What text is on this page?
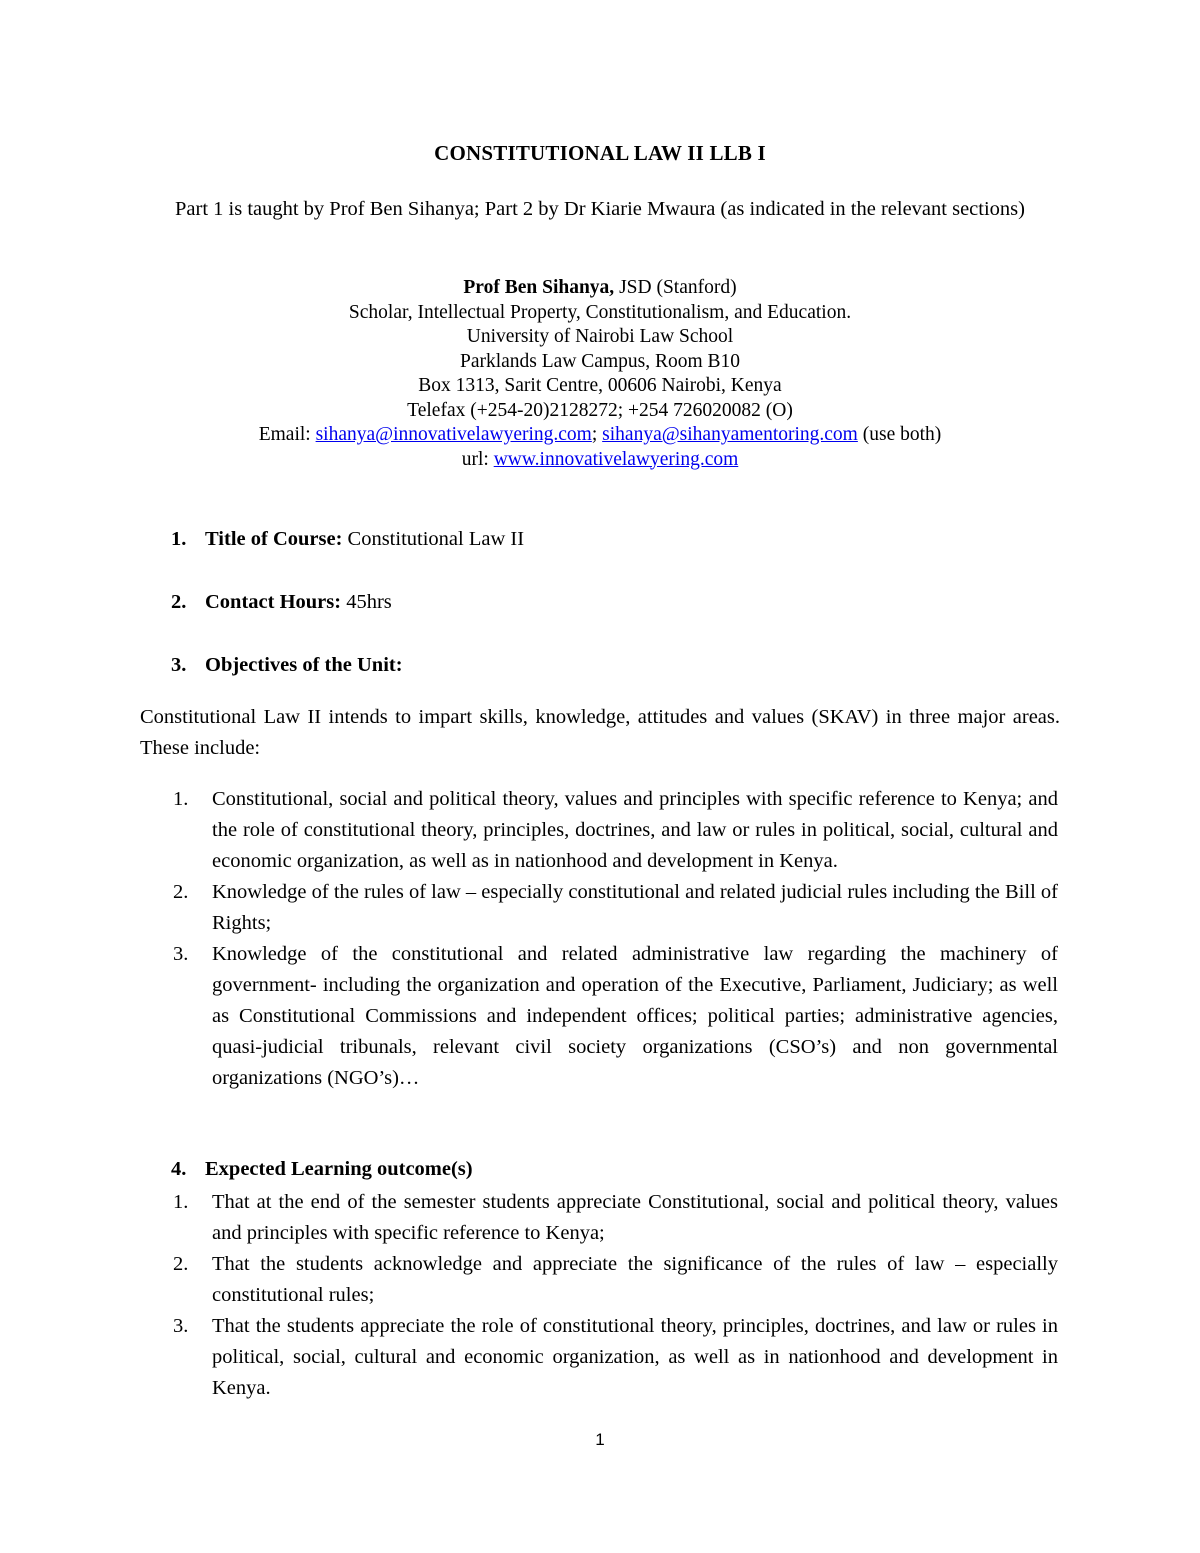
CONSTITUTIONAL LAW II LLB I
Part 1 is taught by Prof Ben Sihanya; Part 2 by Dr Kiarie Mwaura (as indicated in the relevant sections)
Prof Ben Sihanya, JSD (Stanford)
Scholar, Intellectual Property, Constitutionalism, and Education.
University of Nairobi Law School
Parklands Law Campus, Room B10
Box 1313, Sarit Centre, 00606 Nairobi, Kenya
Telefax (+254-20)2128272; +254 726020082 (O)
Email: sihanya@innovativelawyering.com; sihanya@sihanyamentoring.com (use both)
url: www.innovativelawyering.com
1. Title of Course: Constitutional Law II
2. Contact Hours: 45hrs
3. Objectives of the Unit:
Constitutional Law II intends to impart skills, knowledge, attitudes and values (SKAV) in three major areas. These include:
1. Constitutional, social and political theory, values and principles with specific reference to Kenya; and the role of constitutional theory, principles, doctrines, and law or rules in political, social, cultural and economic organization, as well as in nationhood and development in Kenya.
2. Knowledge of the rules of law – especially constitutional and related judicial rules including the Bill of Rights;
3. Knowledge of the constitutional and related administrative law regarding the machinery of government- including the organization and operation of the Executive, Parliament, Judiciary; as well as Constitutional Commissions and independent offices; political parties; administrative agencies, quasi-judicial tribunals, relevant civil society organizations (CSO’s) and non governmental organizations (NGO’s)…
4. Expected Learning outcome(s)
1. That at the end of the semester students appreciate Constitutional, social and political theory, values and principles with specific reference to Kenya;
2. That the students acknowledge and appreciate the significance of the rules of law – especially constitutional rules;
3. That the students appreciate the role of constitutional theory, principles, doctrines, and law or rules in political, social, cultural and economic organization, as well as in nationhood and development in Kenya.
1
